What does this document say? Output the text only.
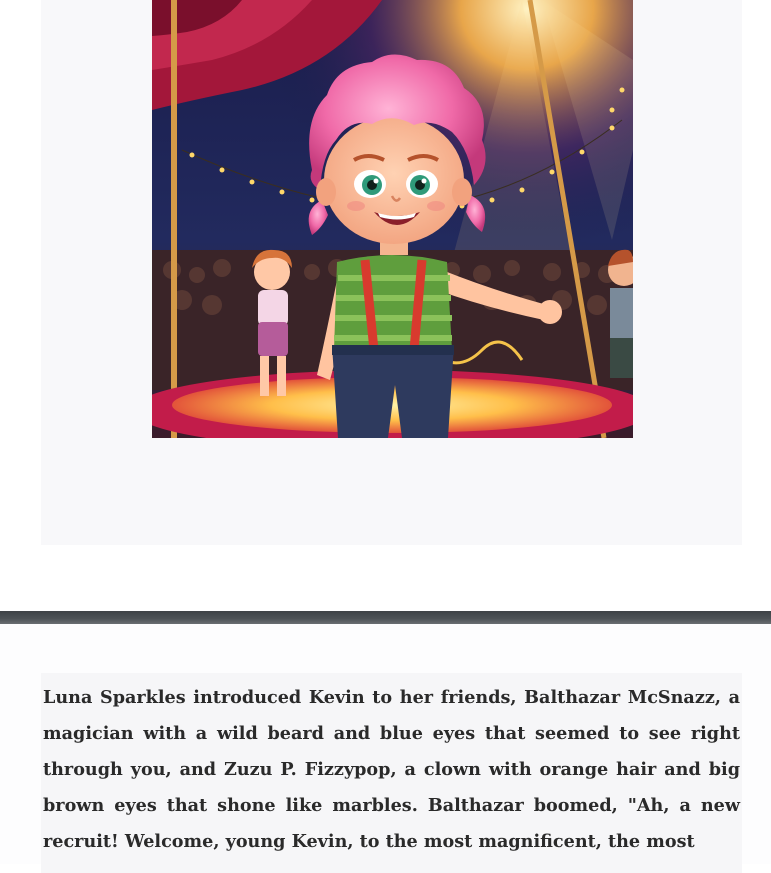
Luna Sparkles introduced Kevin to her friends, Balthazar McSnazz, a magician with a wild beard and blue eyes that seemed to see right through you, and Zuzu P. Fizzypop, a clown with orange hair and big brown eyes that shone like marbles. Balthazar boomed, "Ah, a new recruit! Welcome, young Kevin, to the most magnificent, the most
